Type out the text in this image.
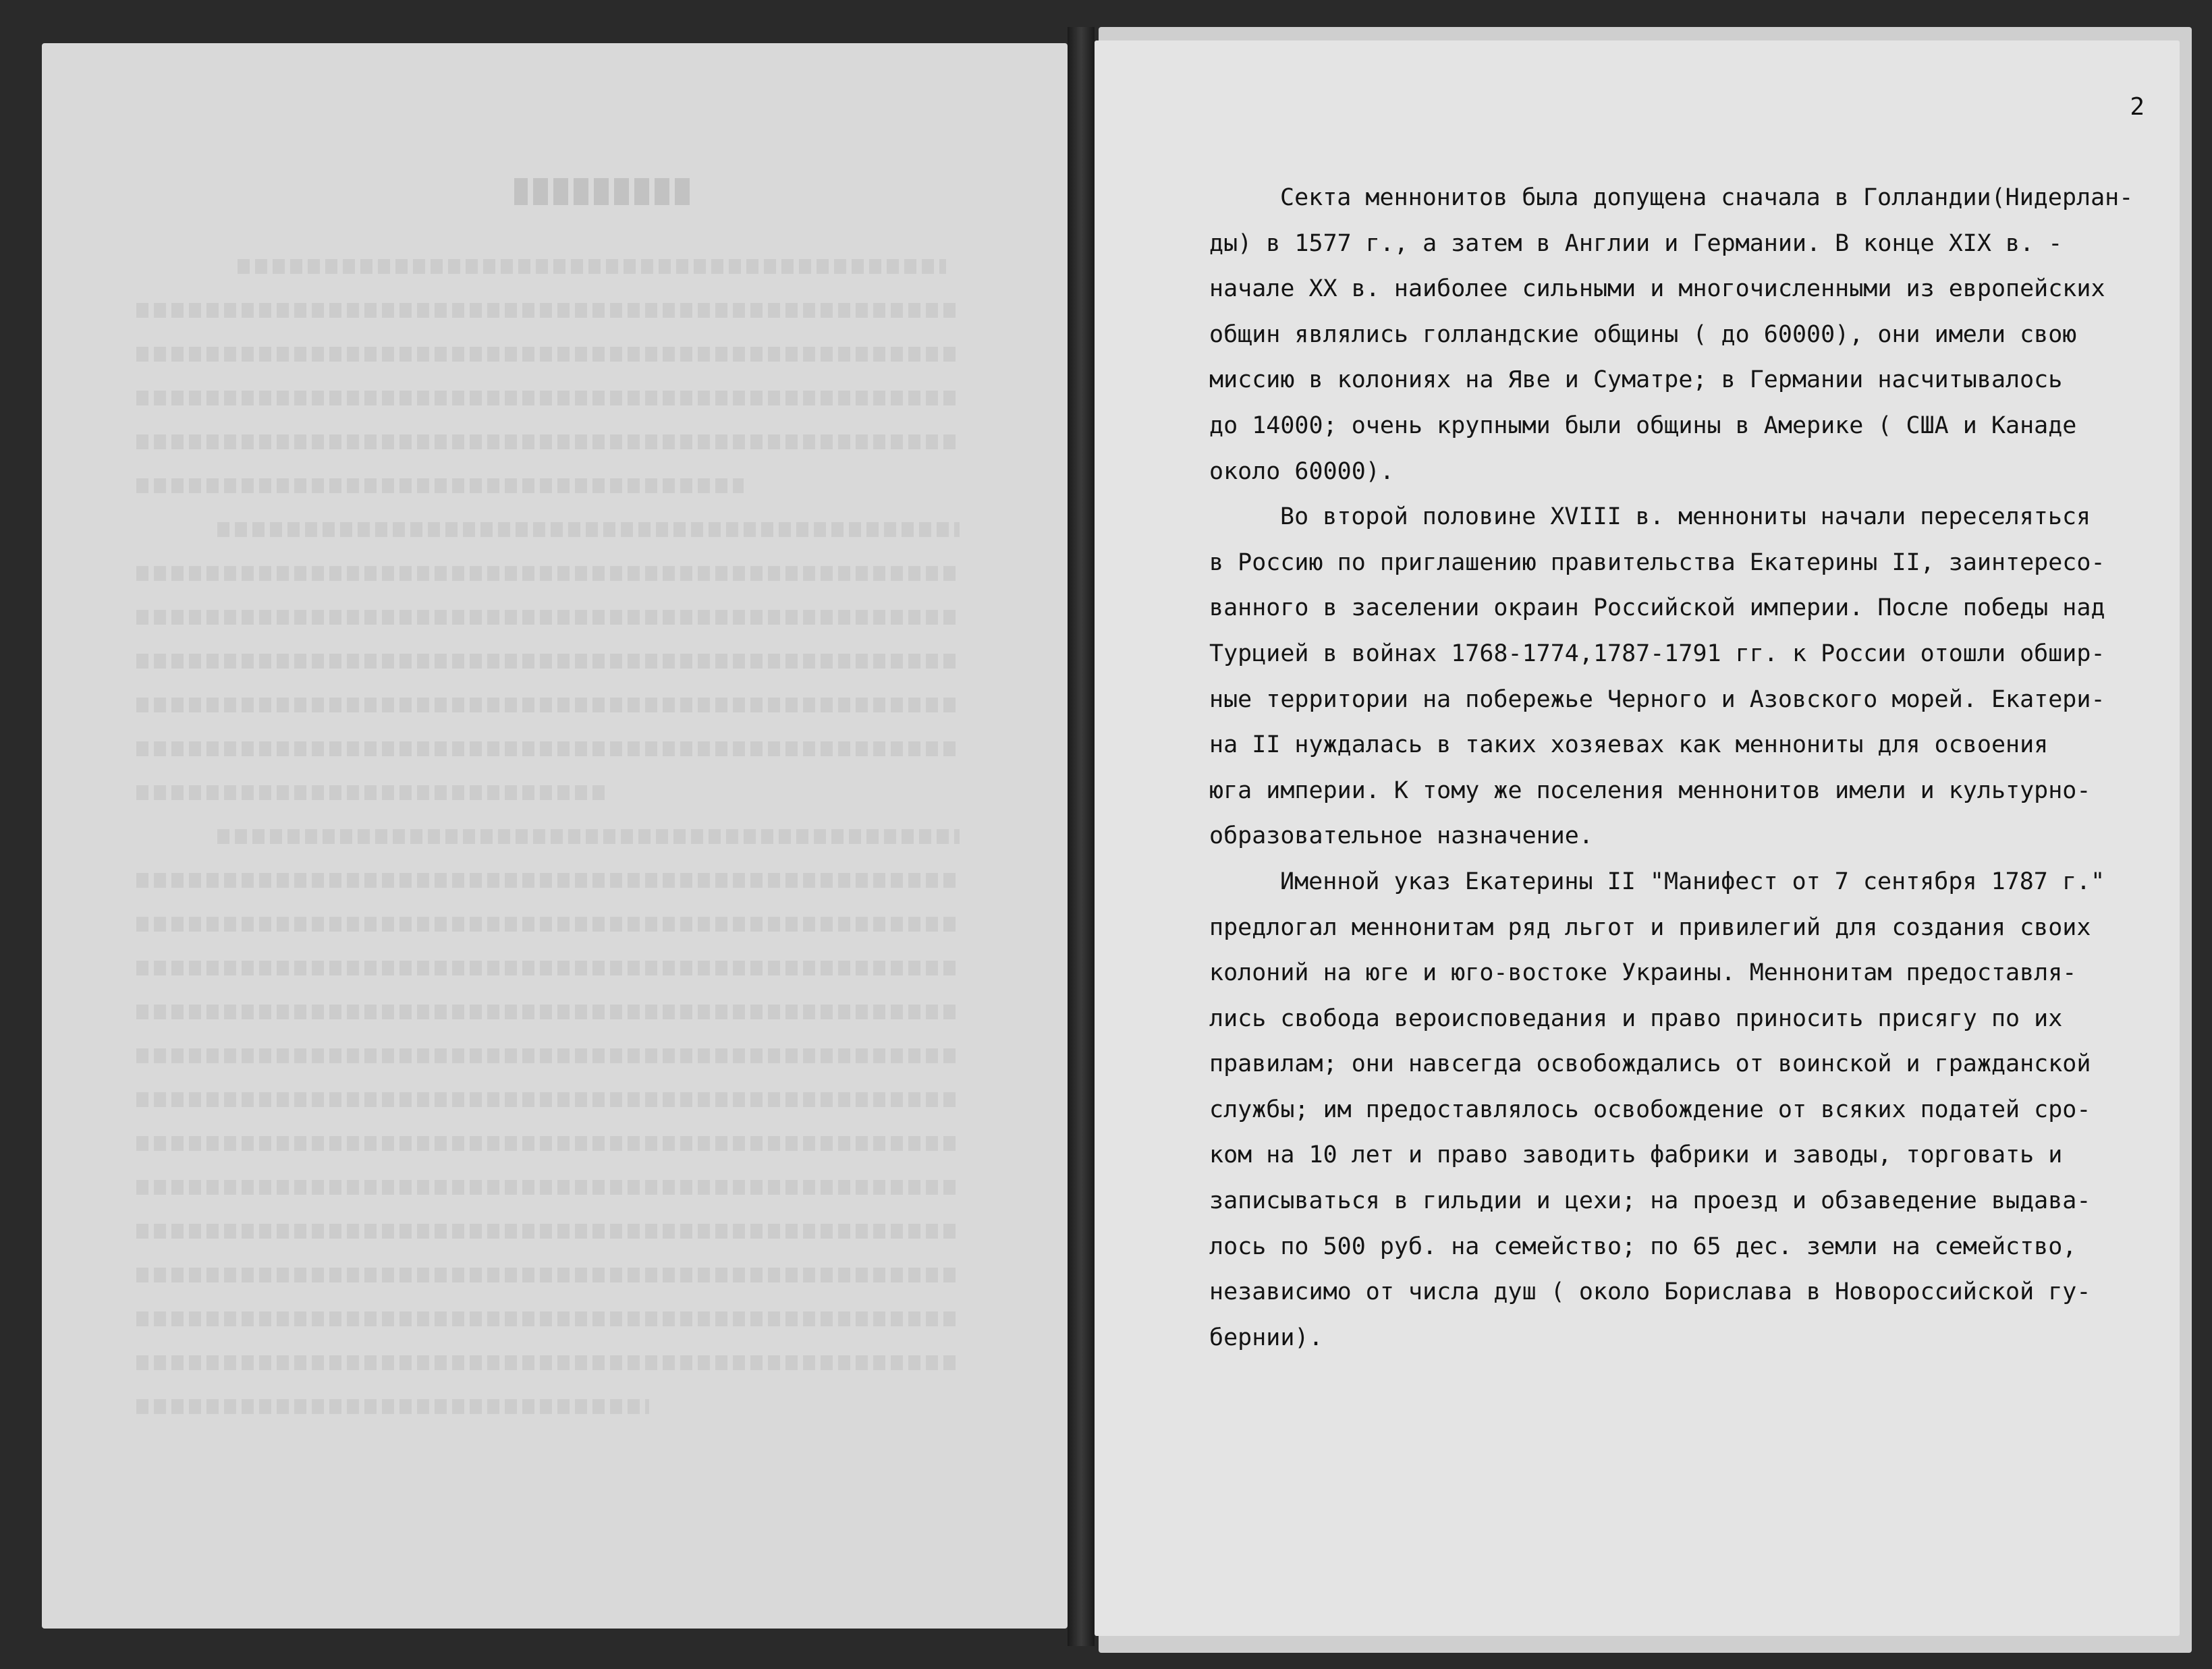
2

Секта меннонитов была допущена сначала в Голландии(Нидерлан-
ды) в 1577 г., а затем в Англии и Германии. В конце XIX в. -
начале XX в. наиболее сильными и многочисленными из европейских
общин являлись голландские общины ( до 60000), они имели свою
миссию в колониях на Яве и Суматре; в Германии насчитывалось
до 14000; очень крупными были общины в Америке ( США и Канаде
около 60000).

Во второй половине XVIII в. меннониты начали переселяться
в Россию по приглашению правительства Екатерины II, заинтересо-
ванного в заселении окраин Российской империи. После победы над
Турцией в войнах 1768-1774,1787-1791 гг. к России отошли обшир-
ные территории на побережье Черного и Азовского морей. Екатери-
на II нуждалась в таких хозяевах как меннониты для освоения
юга империи. К тому же поселения меннонитов имели и культурно-
образовательное назначение.

Именной указ Екатерины II "Манифест от 7 сентября 1787 г."
предлогал меннонитам ряд льгот и привилегий для создания своих
колоний на юге и юго-востоке Украины. Меннонитам предоставля-
лись свобода вероисповедания и право приносить присягу по их
правилам; они навсегда освобождались от воинской и гражданской
службы; им предоставлялось освобождение от всяких податей сро-
ком на 10 лет и право заводить фабрики и заводы, торговать и
записываться в гильдии и цехи; на проезд и обзаведение выдава-
лось по 500 руб. на семейство; по 65 дес. земли на семейство,
независимо от числа душ ( около Борислава в Новороссийской гу-
бернии).
